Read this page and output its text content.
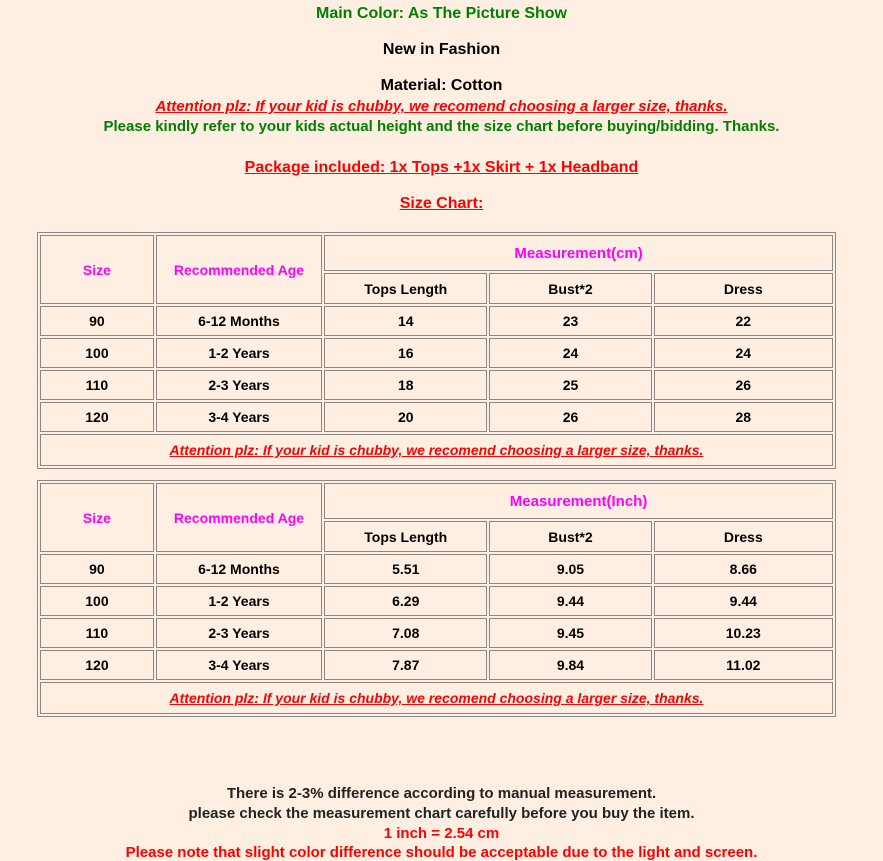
Main Color: As The Picture Show
New in Fashion
Material: Cotton
Attention plz: If your kid is chubby, we recomend choosing a larger size, thanks.
Please kindly refer to your kids actual height and the size chart before buying/bidding. Thanks.
Package included: 1x Tops +1x Skirt + 1x Headband
Size Chart:
Size	Recommended Age	Measurement(cm)		
		Tops Length	Bust*2	Dress
90	6-12 Months	14	23	22
100	1-2 Years	16	24	24
110	2-3 Years	18	25	26
120	3-4 Years	20	26	28
Attention plz: If your kid is chubby, we recomend choosing a larger size, thanks.				
Size	Recommended Age	Measurement(Inch)		
		Tops Length	Bust*2	Dress
90	6-12 Months	5.51	9.05	8.66
100	1-2 Years	6.29	9.44	9.44
110	2-3 Years	7.08	9.45	10.23
120	3-4 Years	7.87	9.84	11.02
Attention plz: If your kid is chubby, we recomend choosing a larger size, thanks.				
There is 2-3% difference according to manual measurement.
please check the measurement chart carefully before you buy the item.
1 inch = 2.54 cm
Please note that slight color difference should be acceptable due to the light and screen.
